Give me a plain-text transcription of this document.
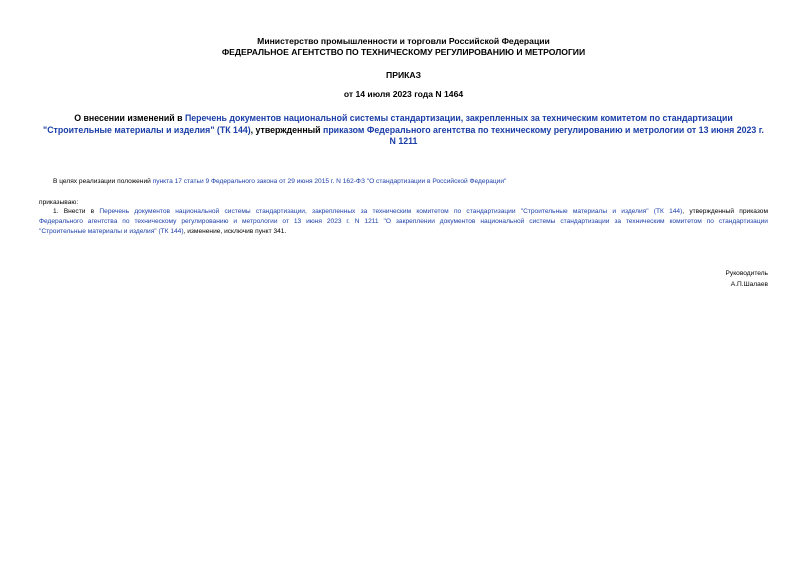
Министерство промышленности и торговли Российской Федерации
ФЕДЕРАЛЬНОЕ АГЕНТСТВО ПО ТЕХНИЧЕСКОМУ РЕГУЛИРОВАНИЮ И МЕТРОЛОГИИ
ПРИКАЗ
от 14 июля 2023 года N 1464
О внесении изменений в Перечень документов национальной системы стандартизации, закрепленных за техническим комитетом по стандартизации
"Строительные материалы и изделия" (ТК 144), утвержденный приказом Федерального агентства по техническому регулированию и метрологии от 13 июня 2023 г.
N 1211
В целях реализации положений пункта 17 статьи 9 Федерального закона от 29 июня 2015 г. N 162-ФЗ "О стандартизации в Российской Федерации"
приказываю:
1. Внести в Перечень документов национальной системы стандартизации, закрепленных за техническим комитетом по стандартизации "Строительные материалы и изделия" (ТК 144), утвержденный приказом
Федерального агентства по техническому регулированию и метрологии от 13 июня 2023 г. N 1211 "О закреплении документов национальной системы стандартизации за техническим комитетом по стандартизации
"Строительные материалы и изделия" (ТК 144), изменение, исключив пункт 341.
Руководитель
А.П.Шалаев
